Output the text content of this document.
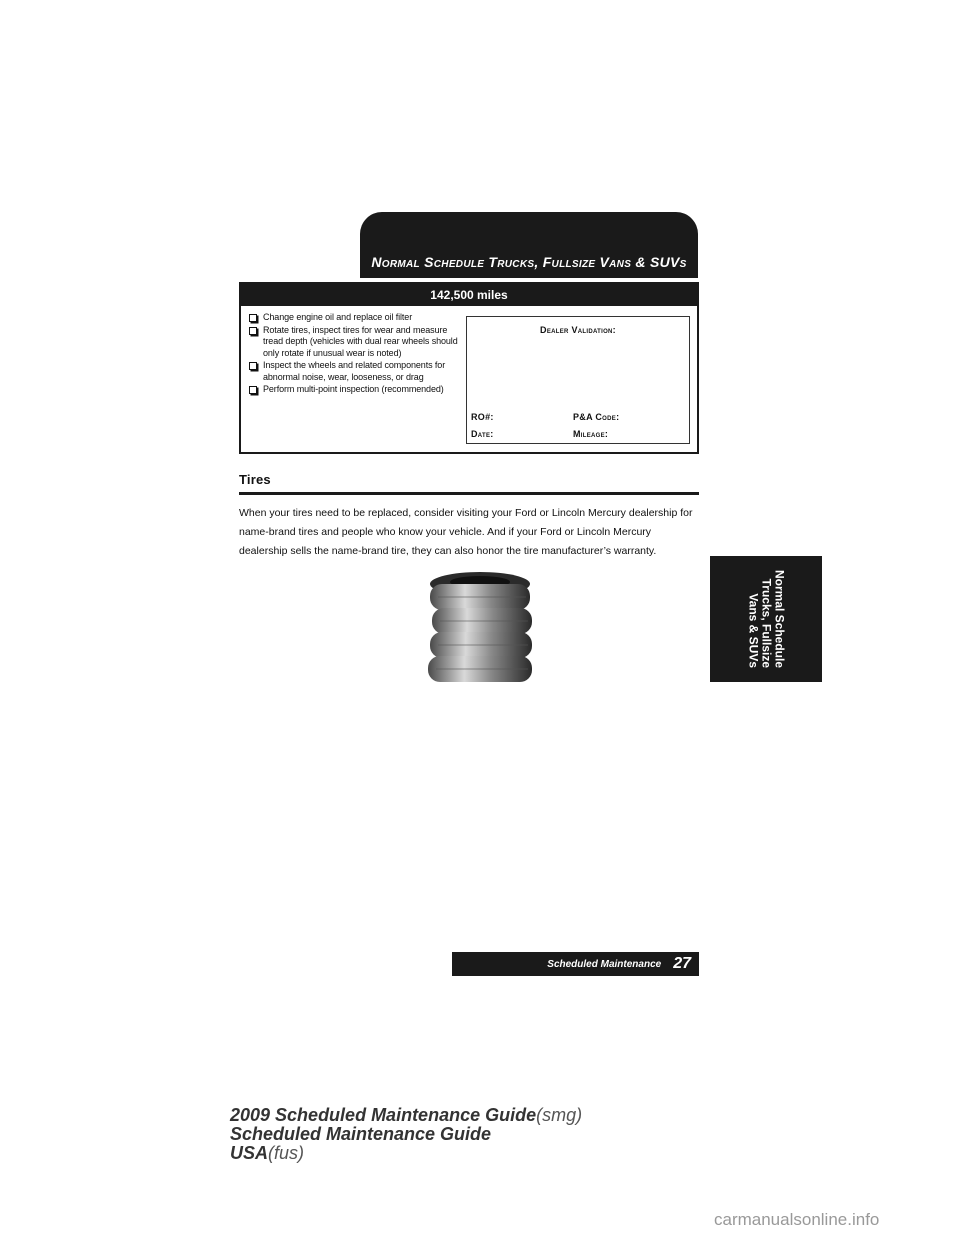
Normal Schedule Trucks, Fullsize Vans & SUVs
142,500 miles
Change engine oil and replace oil filter
Rotate tires, inspect tires for wear and measure tread depth (vehicles with dual rear wheels should only rotate if unusual wear is noted)
Inspect the wheels and related components for abnormal noise, wear, looseness, or drag
Perform multi-point inspection (recommended)
Dealer Validation:
RO#:	P&A Code:
Date:	Mileage:
Tires
When your tires need to be replaced, consider visiting your Ford or Lincoln Mercury dealership for name-brand tires and people who know your vehicle. And if your Ford or Lincoln Mercury dealership sells the name-brand tire, they can also honor the tire manufacturer’s warranty.
Normal Schedule
Trucks, Fullsize
Vans & SUVs
Scheduled Maintenance 27
2009 Scheduled Maintenance Guide(smg)
Scheduled Maintenance Guide
USA(fus)
carmanualsonline.info
